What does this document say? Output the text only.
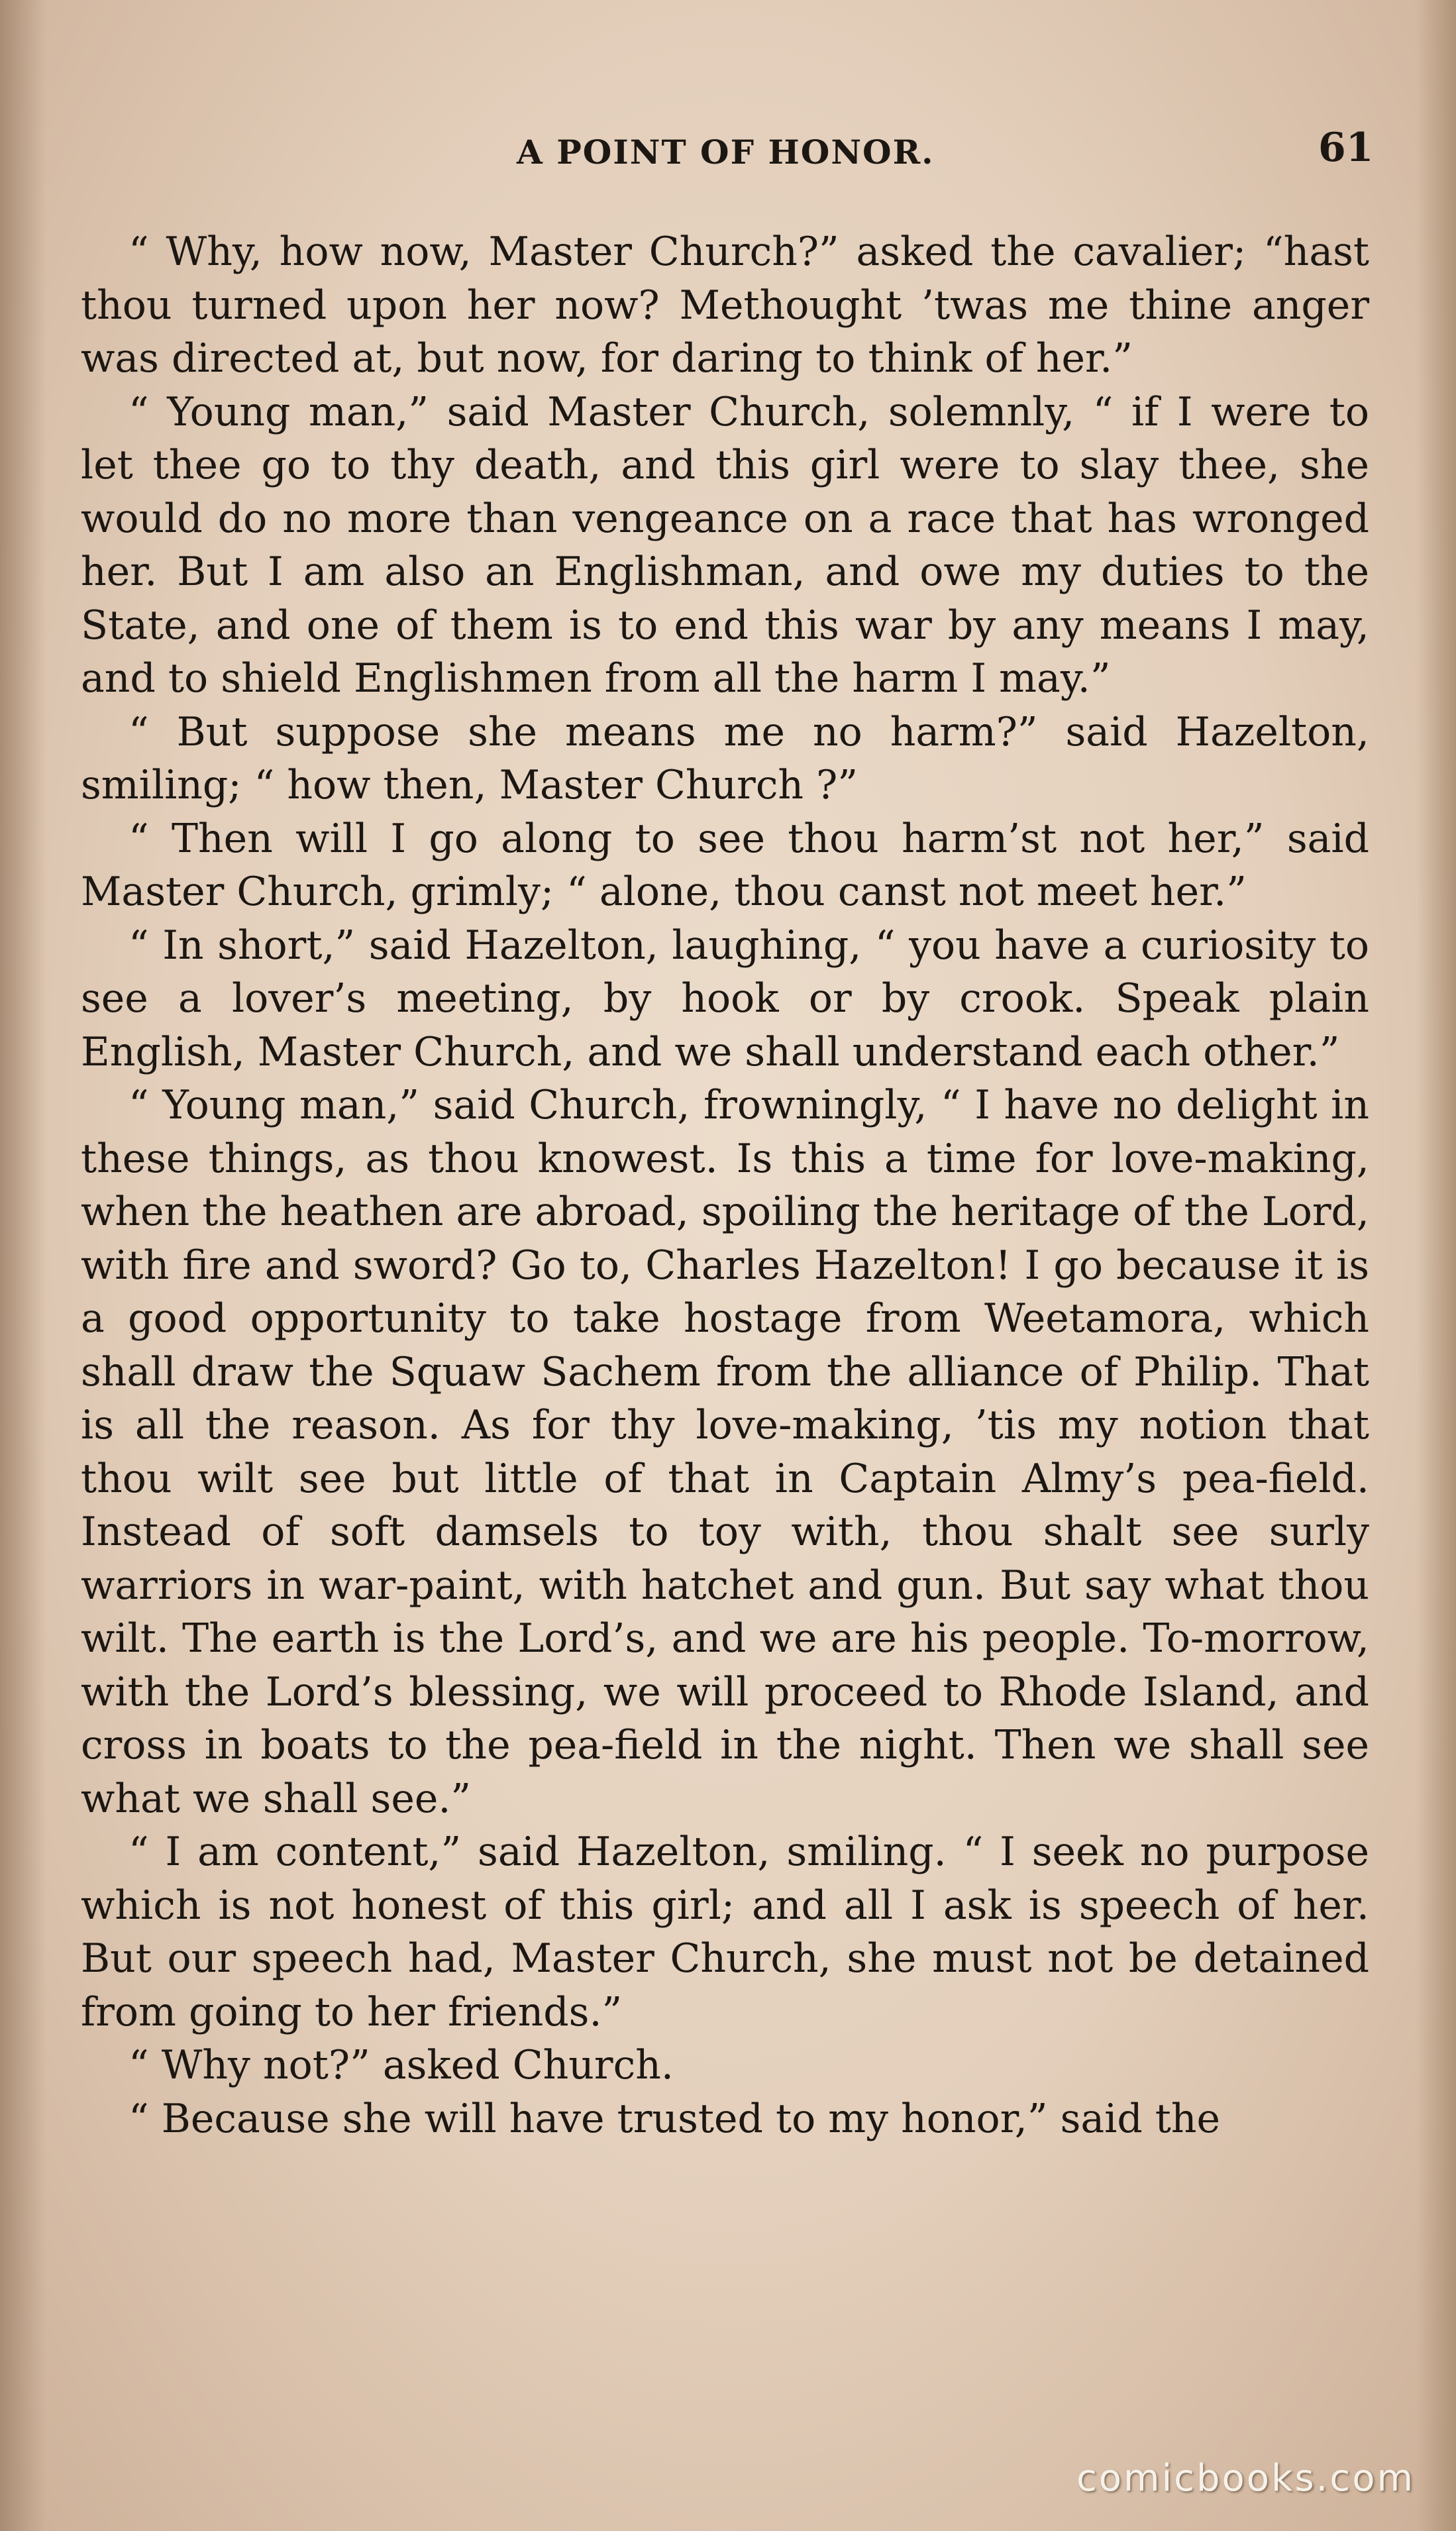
A POINT OF HONOR.	61

“ Why, how now, Master Church?” asked the cavalier; “hast thou turned upon her now? Methought ’twas me thine anger was directed at, but now, for daring to think of her.”

“ Young man,” said Master Church, solemnly, “ if I were to let thee go to thy death, and this girl were to slay thee, she would do no more than vengeance on a race that has wronged her. But I am also an Englishman, and owe my duties to the State, and one of them is to end this war by any means I may, and to shield Englishmen from all the harm I may.”

“ But suppose she means me no harm?” said Hazelton, smiling; “ how then, Master Church ?”

“ Then will I go along to see thou harm’st not her,” said Master Church, grimly; “ alone, thou canst not meet her.”

“ In short,” said Hazelton, laughing, “ you have a curiosity to see a lover’s meeting, by hook or by crook. Speak plain English, Master Church, and we shall understand each other.”

“ Young man,” said Church, frowningly, “ I have no delight in these things, as thou knowest. Is this a time for love-making, when the heathen are abroad, spoiling the heritage of the Lord, with fire and sword? Go to, Charles Hazelton! I go because it is a good opportunity to take hostage from Weetamora, which shall draw the Squaw Sachem from the alliance of Philip. That is all the reason. As for thy love-making, ’tis my notion that thou wilt see but little of that in Captain Almy’s pea-field. Instead of soft damsels to toy with, thou shalt see surly warriors in war-paint, with hatchet and gun. But say what thou wilt. The earth is the Lord’s, and we are his people. To-morrow, with the Lord’s blessing, we will proceed to Rhode Island, and cross in boats to the pea-field in the night. Then we shall see what we shall see.”

“ I am content,” said Hazelton, smiling. “ I seek no purpose which is not honest of this girl; and all I ask is speech of her. But our speech had, Master Church, she must not be detained from going to her friends.”

“ Why not?” asked Church.

“ Because she will have trusted to my honor,” said the

comicbooks.com
